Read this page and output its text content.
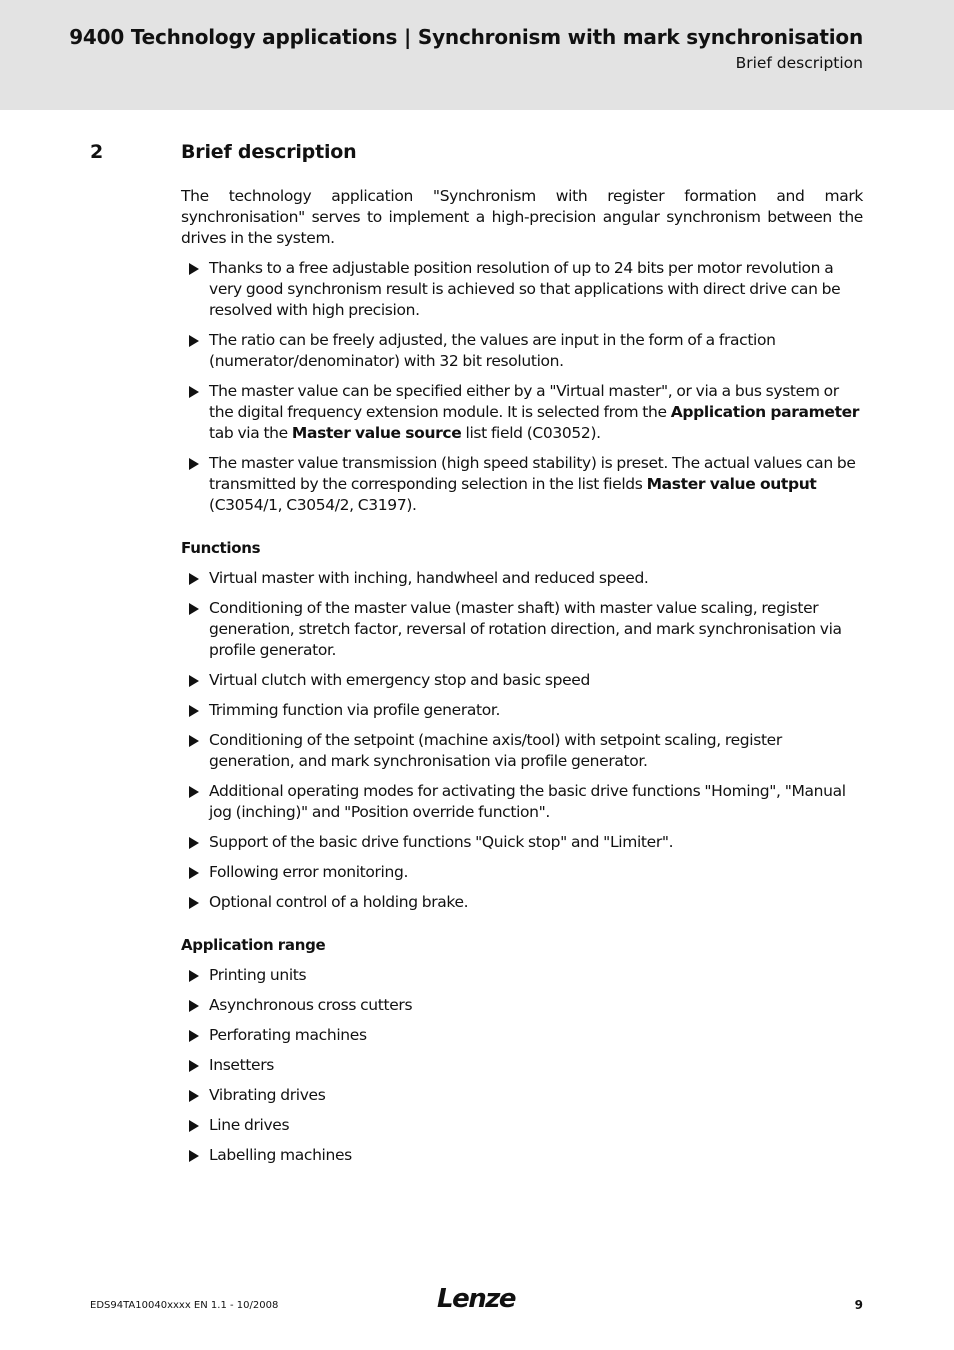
9400 Technology applications | Synchronism with mark synchronisation
Brief description
2	Brief description

The technology application "Synchronism with register formation and mark synchronisation" serves to implement a high-precision angular synchronism between the drives in the system.

Thanks to a free adjustable position resolution of up to 24 bits per motor revolution a very good synchronism result is achieved so that applications with direct drive can be resolved with high precision.
The ratio can be freely adjusted, the values are input in the form of a fraction (numerator/denominator) with 32 bit resolution.
The master value can be specified either by a "Virtual master", or via a bus system or the digital frequency extension module. It is selected from the Application parameter tab via the Master value source list field (C03052).
The master value transmission (high speed stability) is preset. The actual values can be transmitted by the corresponding selection in the list fields Master value output (C3054/1, C3054/2, C3197).
Functions
Virtual master with inching, handwheel and reduced speed.
Conditioning of the master value (master shaft) with master value scaling, register generation, stretch factor, reversal of rotation direction, and mark synchronisation via profile generator.
Virtual clutch with emergency stop and basic speed
Trimming function via profile generator.
Conditioning of the setpoint (machine axis/tool) with setpoint scaling, register generation, and mark synchronisation via profile generator.
Additional operating modes for activating the basic drive functions "Homing", "Manual jog (inching)" and "Position override function".
Support of the basic drive functions "Quick stop" and "Limiter".
Following error monitoring.
Optional control of a holding brake.
Application range
Printing units
Asynchronous cross cutters
Perforating machines
Insetters
Vibrating drives
Line drives
Labelling machines
EDS94TA10040xxxx EN 1.1 - 10/2008	Lenze	9
